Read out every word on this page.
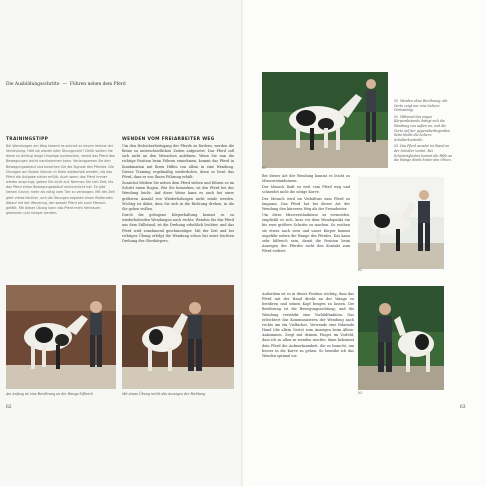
Die Ausbildungsschritte — Führen neben dem Pferd
TRAININGSTIPP

Bei Wendungen am Weg kommt es schnell zu einem Verlust der Verbindung. Hält sie wieder oder Übungsruhe? Dafür sollten Sie diese zu Anfang lange Umwege ausmachen, damit das Pferd den Bewegungen leicht nachkommen kann. Verlangsamen Sie den Bewegungsablauf und beachten Sie die Signale des Pferdes. Die Übungen am Boden können in Ruhe wiederholt werden, bis das Pferd die Aufgabe sicher erfüllt. Auch wenn das Pferd immer wieder anspringt, geben Sie nicht auf. Nehmen Sie sich Zeit, bis das Pferd einen Bewegungsablauf verinnerlicht hat. Es gibt keinen Grund, mehr als nötig vom Tier zu verlangen. Mit der Zeit geht vieles leichter, und die Übungen ergeben einen fließenden Ablauf mit der Wendung, der sowohl Pferd als auch Mensch gefällt. Mit dieser Übung kann das Pferd mehr Vertrauen gewinnen und ruhiger werden.

WENDEN VOM FREIARBEITER WEG

Um den Hufsicherheitsgang der Pferde zu fördern, werden die Beine zu unterschiedlichen Zeiten aufgesetzt. Das Pferd soll sich nicht an den Menschen anlehnen. Wenn Sie nun die richtige Position beim Führen einnehmen, kommt das Pferd in Kombination mit Ihren Hilfen von allein in eine Wendung. Dieses Training regelmäßig wiederholen, denn so lernt das Pferd, dass es von Ihnen Führung erhält.

Zunächst bleiben Sie neben dem Pferd stehen und führen es im Schritt einen Bogen. Wie Sie bemerken, ist das Pferd bei der Wendung leicht. Auf diese Weise kann es auch bei einer größeren Anzahl von Wiederholungen nicht müde werden. Wichtig ist dabei, dass Sie sich in die Richtung drehen, in die Sie gehen wollen.

Durch die gebogene Körperhaltung kommt es zu wiederholenden Wendungen nach rechts. Wenden Sie das Pferd aus dem Stillstand, ist die Drehung erheblich leichter, und das Pferd wird zunehmend geschmeidiger. Mit der Zeit und bei richtiger Übung erfolgt die Wendung schon bei einer leichten Drehung des Oberkörpers.

Am Anfang ist eine Berührung an der Wange hilfreich	Mit etwas Übung reicht das Anzeigen der Richtung
62
01

01 Wenden ohne Berührung, die Gerte zeigt nur eine lockere Verbindung.

02 Während des engen Körperabstands drängt sich die Wendung von außen an, und die Gerte auf der gegenüberliegenden Seite bleibt die lockere Schulterkontrolle.

03 Das Pferd wendet im Stand an der Schulter vorbei. Bei Schwierigkeiten kommt die Hilfe an die Wange direkt hinter den Ohren.

Bei dieser Art der Wendung kommt es leicht zu Missverständnissen:

Der Mensch läuft zu weit vom Pferd weg und schneidet nicht die nötige Kurve.

Der Mensch wird im Verhältnis zum Pferd zu langsam. Das Pferd hat bei dieser Art der Wendung den kürzeren Weg als der Freiarbeiter.

Um diese Missverständnisse zu vermeiden, empfiehlt es sich, kurz vor dem Wendepunkt ein bis zwei größere Schritte zu machen. So reichen sie etwas nach vorn und unser Körper kommt ungefähr neben die Wange des Pferdes. Das kann sehr hilfreich sein, damit die Position beim Anzeigen des Pferdes nicht den Kontakt zum Pferd verliert.

02
03

Außerdem ist es in dieser Position wichtig, dass das Pferd mit der Hand direkt an der Wange zu berühren und seinen Kopf beugen zu lassen. Die Berührung ist die Bewegungsrichtung, und die Wendung verstärkt eine Vorbildfunktion. Das erleichtert das Kommunizieren der Wendung nach rechts um ein Vielfaches. Verwende eine führende Hand (die allein Gerte) zum Anzeigen beim Allein-Ankommen. Zeigt mit deinem Finger im Vorfeld, dass ich zu allen zu wenden möchte, dann bekommt dein Pferd die Aufmerksamkeit, die es braucht, um besser in die Kurve zu gehen. So bemühe ich das Wenden optimal vor.

63
